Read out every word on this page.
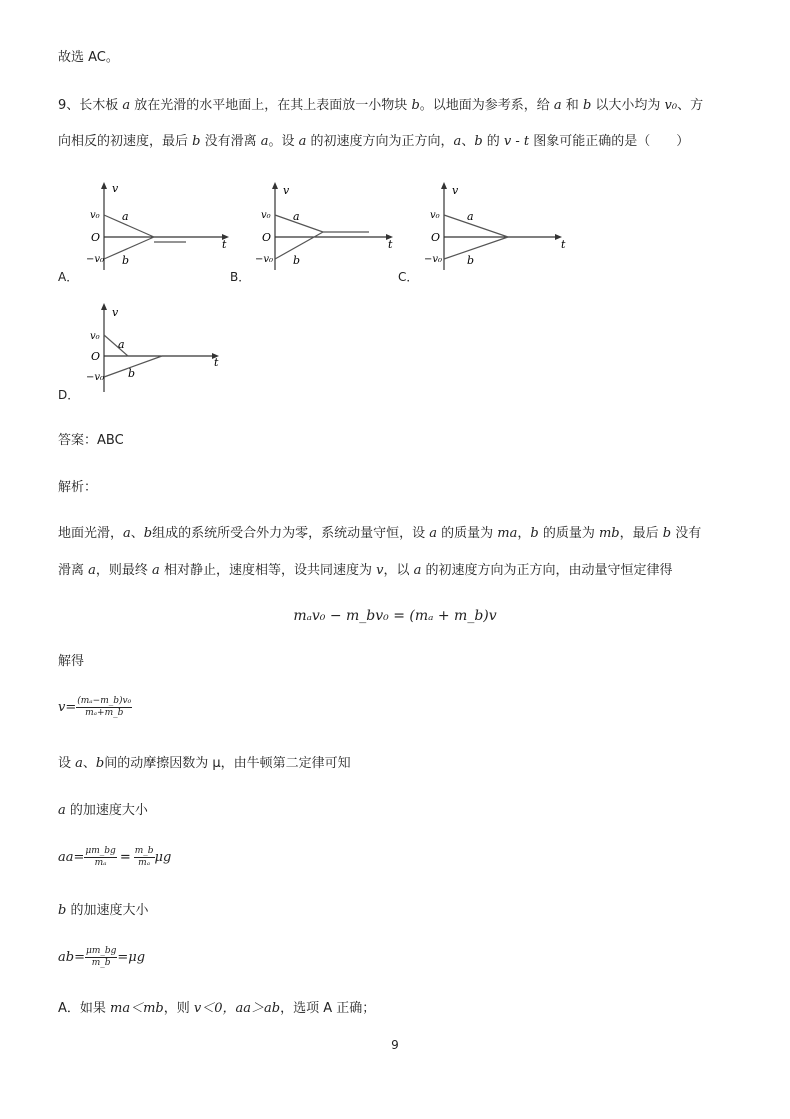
故选 AC。
9、长木板 a 放在光滑的水平地面上，在其上表面放一小物块 b。以地面为参考系，给 a 和 b 以大小均为 v₀、方
向相反的初速度，最后 b 没有滑离 a。设 a 的初速度方向为正方向，a、b 的 v - t 图象可能正确的是（　　）
v
t
v₀
O
−v₀
a
b
A．
v
t
v₀
O
−v₀
a
b
B．
v
t
v₀
O
−v₀
a
b
C．
v
t
v₀
O
−v₀
a
b
D．
答案：ABC
解析：
地面光滑，a、b组成的系统所受合外力为零，系统动量守恒，设 a 的质量为 ma，b 的质量为 mb，最后 b 没有
滑离 a，则最终 a 相对静止，速度相等，设共同速度为 v，以 a 的初速度方向为正方向，由动量守恒定律得
mₐv₀ − m_bv₀ = (mₐ + m_b)v
解得
$v= \frac{\text{(mₐ−m\_b)v₀}}{\text{mₐ+m\_b}}$
设 a、b间的动摩擦因数为 μ，由牛顿第二定律可知
a 的加速度大小
$aa= \frac{\mu m\_bg}{\text{mₐ}} = \frac{m\_b}{\text{mₐ}}$ μg
b 的加速度大小
$ab= \frac{\mu m\_bg}{m\_b} =\mu g$
A．如果 ma＜mb，则 v＜0，aa＞ab，选项 A 正确；
9
